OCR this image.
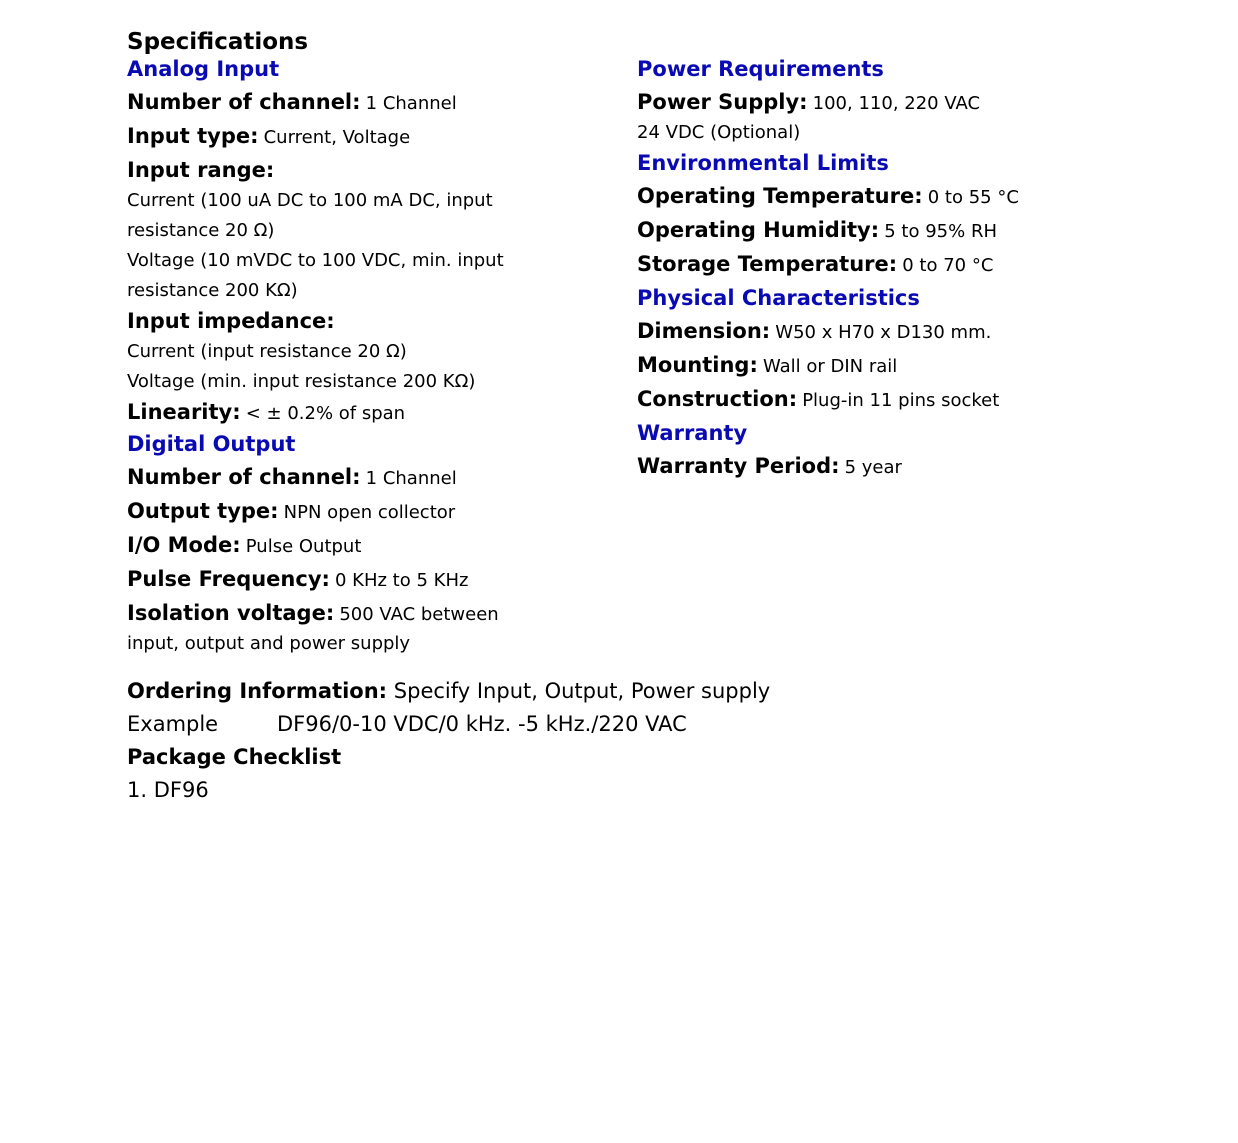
Specifications
Analog Input
Number of channel: 1 Channel
Input type: Current, Voltage
Input range:
Current (100 uA DC to 100 mA DC, input
resistance 20 Ω)
Voltage (10 mVDC to 100 VDC, min. input
resistance 200 KΩ)
Input impedance:
Current (input resistance 20 Ω)
Voltage (min. input resistance 200 KΩ)
Linearity: < ± 0.2% of span
Digital Output
Number of channel: 1 Channel
Output type: NPN open collector
I/O Mode: Pulse Output
Pulse Frequency: 0 KHz to 5 KHz
Isolation voltage: 500 VAC between
input, output and power supply
Power Requirements
Power Supply: 100, 110, 220 VAC
24 VDC (Optional)
Environmental Limits
Operating Temperature: 0 to 55 °C
Operating Humidity: 5 to 95% RH
Storage Temperature: 0 to 70 °C
Physical Characteristics
Dimension: W50 x H70 x D130 mm.
Mounting: Wall or DIN rail
Construction: Plug-in 11 pins socket
Warranty
Warranty Period: 5 year
Ordering Information: Specify Input, Output, Power supply
Example	DF96/0-10 VDC/0 kHz. -5 kHz./220 VAC
Package Checklist
1. DF96
